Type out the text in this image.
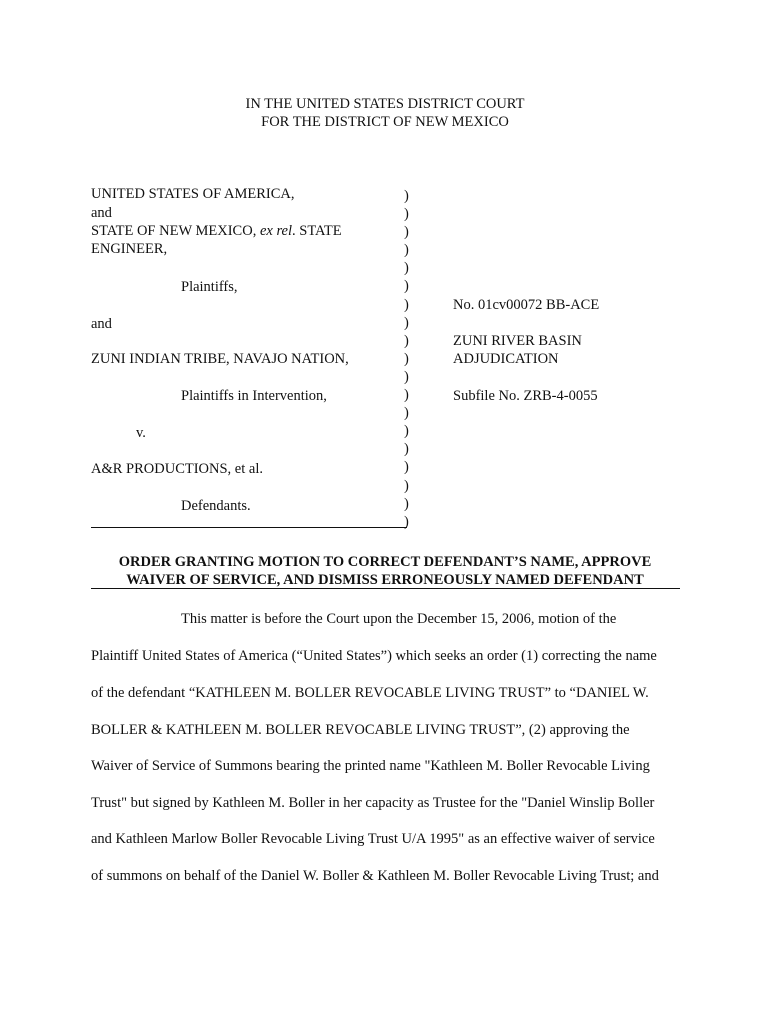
IN THE UNITED STATES DISTRICT COURT
FOR THE DISTRICT OF NEW MEXICO
UNITED STATES OF AMERICA,
and
STATE OF NEW MEXICO, ex rel. STATE
ENGINEER,
Plaintiffs,
and
ZUNI INDIAN TRIBE, NAVAJO NATION,
Plaintiffs in Intervention,
v.
A&R PRODUCTIONS, et al.
Defendants.
)
)
)
)
)
)
)
)
)
)
)
)
)
)
)
)
)
)
)
No. 01cv00072 BB-ACE
ZUNI RIVER BASIN
ADJUDICATION
Subfile No. ZRB-4-0055
ORDER GRANTING MOTION TO CORRECT DEFENDANT’S NAME, APPROVE
WAIVER OF SERVICE, AND DISMISS ERRONEOUSLY NAMED DEFENDANT
This matter is before the Court upon the December 15, 2006, motion of the
Plaintiff United States of America (“United States”) which seeks an order (1) correcting the name
of the defendant “KATHLEEN M. BOLLER REVOCABLE LIVING TRUST” to “DANIEL W.
BOLLER & KATHLEEN M. BOLLER REVOCABLE LIVING TRUST”, (2) approving the
Waiver of Service of Summons bearing the printed name "Kathleen M. Boller Revocable Living
Trust" but signed by Kathleen M. Boller in her capacity as Trustee for the "Daniel Winslip Boller
and Kathleen Marlow Boller Revocable Living Trust U/A 1995" as an effective waiver of service
of summons on behalf of the Daniel W. Boller & Kathleen M. Boller Revocable Living Trust; and
